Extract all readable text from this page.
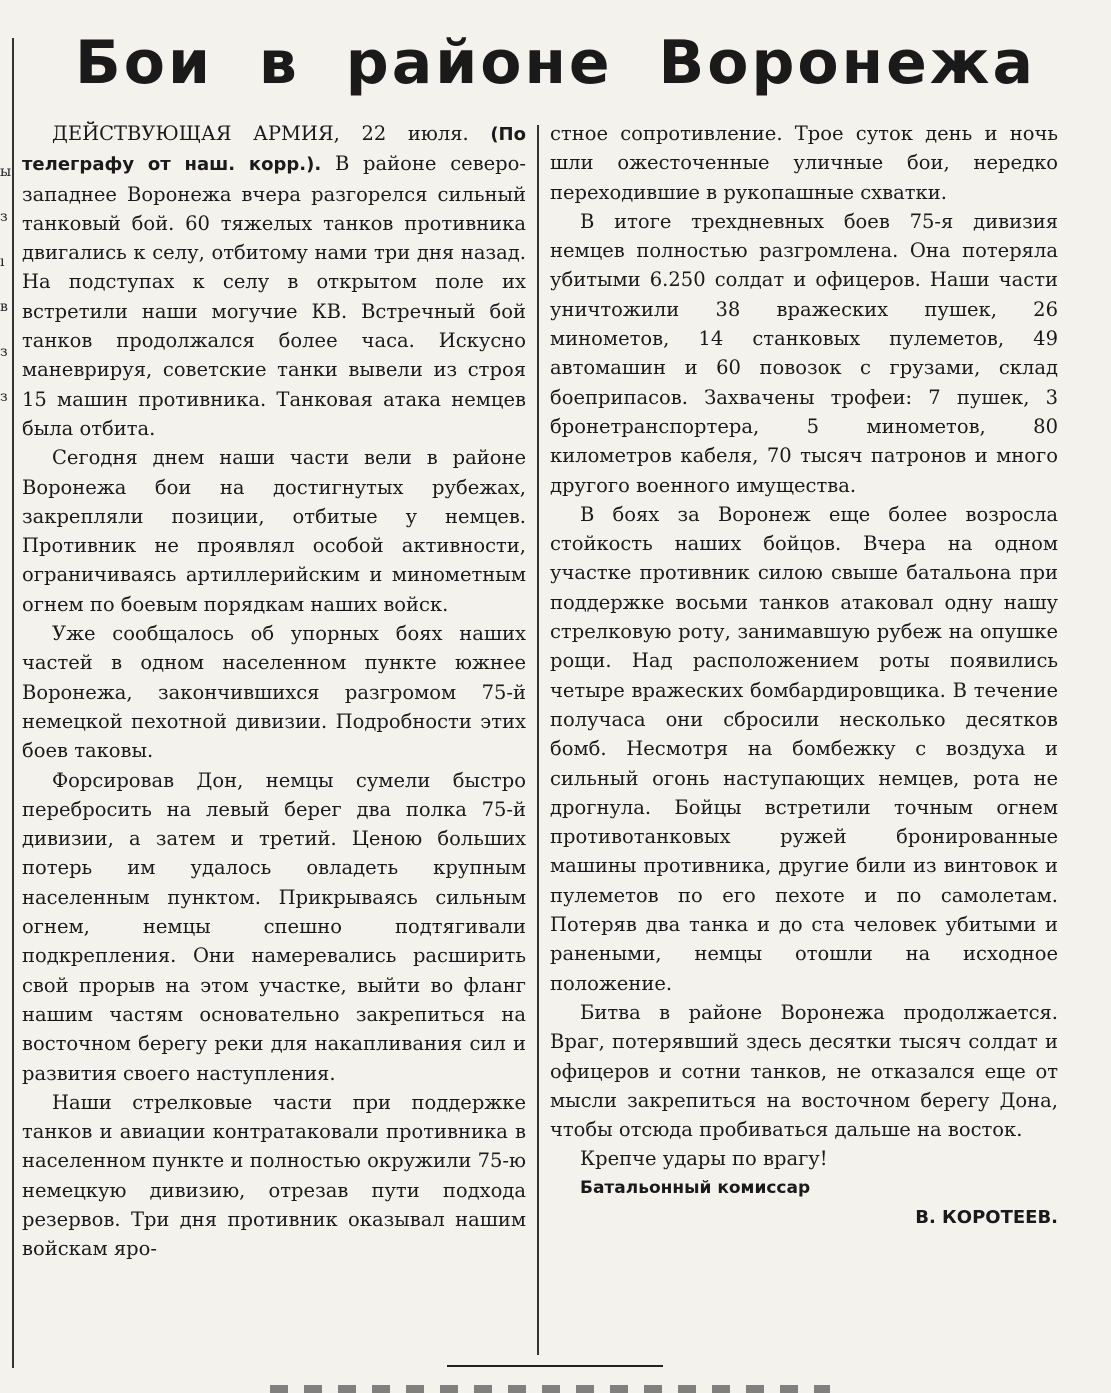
ы
з
ı
в
з
з
Бои в районе Воронежа

ДЕЙСТВУЮЩАЯ АРМИЯ, 22 июля. (По телеграфу от наш. корр.). В районе северо-западнее Воронежа вчера разгорелся сильный танковый бой. 60 тяжелых танков противника двигались к селу, отбитому нами три дня назад. На подступах к селу в открытом поле их встретили наши могучие КВ. Встречный бой танков продолжался более часа. Искусно маневрируя, советские танки вывели из строя 15 машин противника. Танковая атака немцев была отбита.

Сегодня днем наши части вели в районе Воронежа бои на достигнутых рубежах, закрепляли позиции, отбитые у немцев. Противник не проявлял особой активности, ограничиваясь артиллерийским и минометным огнем по боевым порядкам наших войск.

Уже сообщалось об упорных боях наших частей в одном населенном пункте южнее Воронежа, закончившихся разгромом 75-й немецкой пехотной дивизии. Подробности этих боев таковы.

Форсировав Дон, немцы сумели быстро перебросить на левый берег два полка 75-й дивизии, а затем и третий. Ценою больших потерь им удалось овладеть крупным населенным пунктом. Прикрываясь сильным огнем, немцы спешно подтягивали подкрепления. Они намеревались расширить свой прорыв на этом участке, выйти во фланг нашим частям основательно закрепиться на восточном берегу реки для накапливания сил и развития своего наступления.

Наши стрелковые части при поддержке танков и авиации контратаковали противника в населенном пункте и полностью окружили 75-ю немецкую дивизию, отрезав пути подхода резервов. Три дня противник оказывал нашим войскам яро-

стное сопротивление. Трое суток день и ночь шли ожесточенные уличные бои, нередко переходившие в рукопашные схватки.

В итоге трехдневных боев 75-я дивизия немцев полностью разгромлена. Она потеряла убитыми 6.250 солдат и офицеров. Наши части уничтожили 38 вражеских пушек, 26 минометов, 14 станковых пулеметов, 49 автомашин и 60 повозок с грузами, склад боеприпасов. Захвачены трофеи: 7 пушек, 3 бронетранспортера, 5 минометов, 80 километров кабеля, 70 тысяч патронов и много другого военного имущества.

В боях за Воронеж еще более возросла стойкость наших бойцов. Вчера на одном участке противник силою свыше батальона при поддержке восьми танков атаковал одну нашу стрелковую роту, занимавшую рубеж на опушке рощи. Над расположением роты появились четыре вражеских бомбардировщика. В течение получаса они сбросили несколько десятков бомб. Несмотря на бомбежку с воздуха и сильный огонь наступающих немцев, рота не дрогнула. Бойцы встретили точным огнем противотанковых ружей бронированные машины противника, другие били из винтовок и пулеметов по его пехоте и по самолетам. Потеряв два танка и до ста человек убитыми и ранеными, немцы отошли на исходное положение.

Битва в районе Воронежа продолжается. Враг, потерявший здесь десятки тысяч солдат и офицеров и сотни танков, не отказался еще от мысли закрепиться на восточном берегу Дона, чтобы отсюда пробиваться дальше на восток.

Крепче удары по врагу!

Батальонный комиссар

В. КОРОТЕЕВ.
